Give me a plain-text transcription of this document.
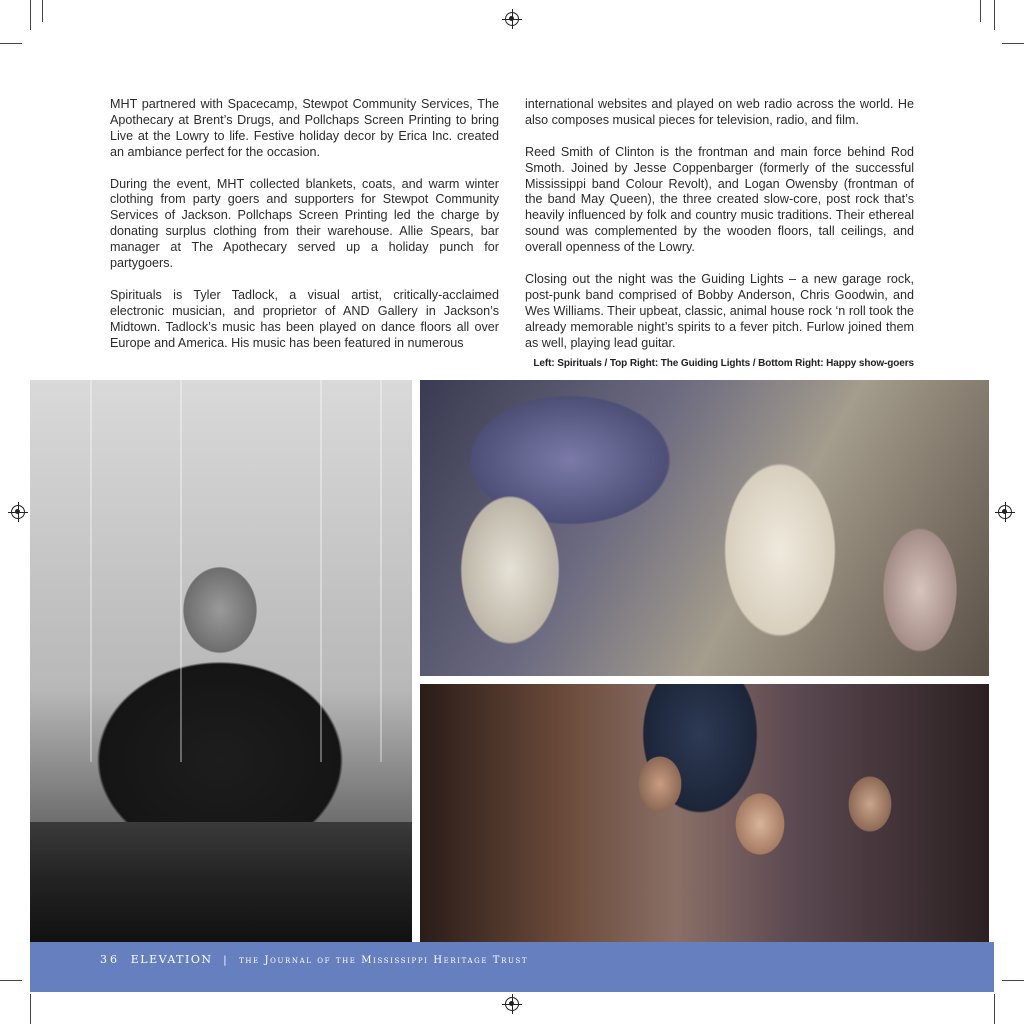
MHT partnered with Spacecamp, Stewpot Community Services, The Apothecary at Brent’s Drugs, and Pollchaps Screen Printing to bring Live at the Lowry to life. Festive holiday decor by Erica Inc. created an ambiance perfect for the occasion.

During the event, MHT collected blankets, coats, and warm winter clothing from party goers and supporters for Stewpot Community Services of Jackson. Pollchaps Screen Printing led the charge by donating surplus clothing from their warehouse. Allie Spears, bar manager at The Apothecary served up a holiday punch for partygoers.

Spirituals is Tyler Tadlock, a visual artist, critically-acclaimed electronic musician, and proprietor of AND Gallery in Jackson’s Midtown. Tadlock’s music has been played on dance floors all over Europe and America. His music has been featured in numerous

international websites and played on web radio across the world. He also composes musical pieces for television, radio, and film.

Reed Smith of Clinton is the frontman and main force behind Rod Smoth. Joined by Jesse Coppenbarger (formerly of the successful Mississippi band Colour Revolt), and Logan Owensby (frontman of the band May Queen), the three created slow-core, post rock that’s heavily influenced by folk and country music traditions. Their ethereal sound was complemented by the wooden floors, tall ceilings, and overall openness of the Lowry.

Closing out the night was the Guiding Lights – a new garage rock, post-punk band comprised of Bobby Anderson, Chris Goodwin, and Wes Williams. Their upbeat, classic, animal house rock ‘n roll took the already memorable night’s spirits to a fever pitch. Furlow joined them as well, playing lead guitar.

Left: Spirituals / Top Right: The Guiding Lights / Bottom Right: Happy show-goers
36 ELEVATION | the Journal of the Mississippi Heritage Trust
